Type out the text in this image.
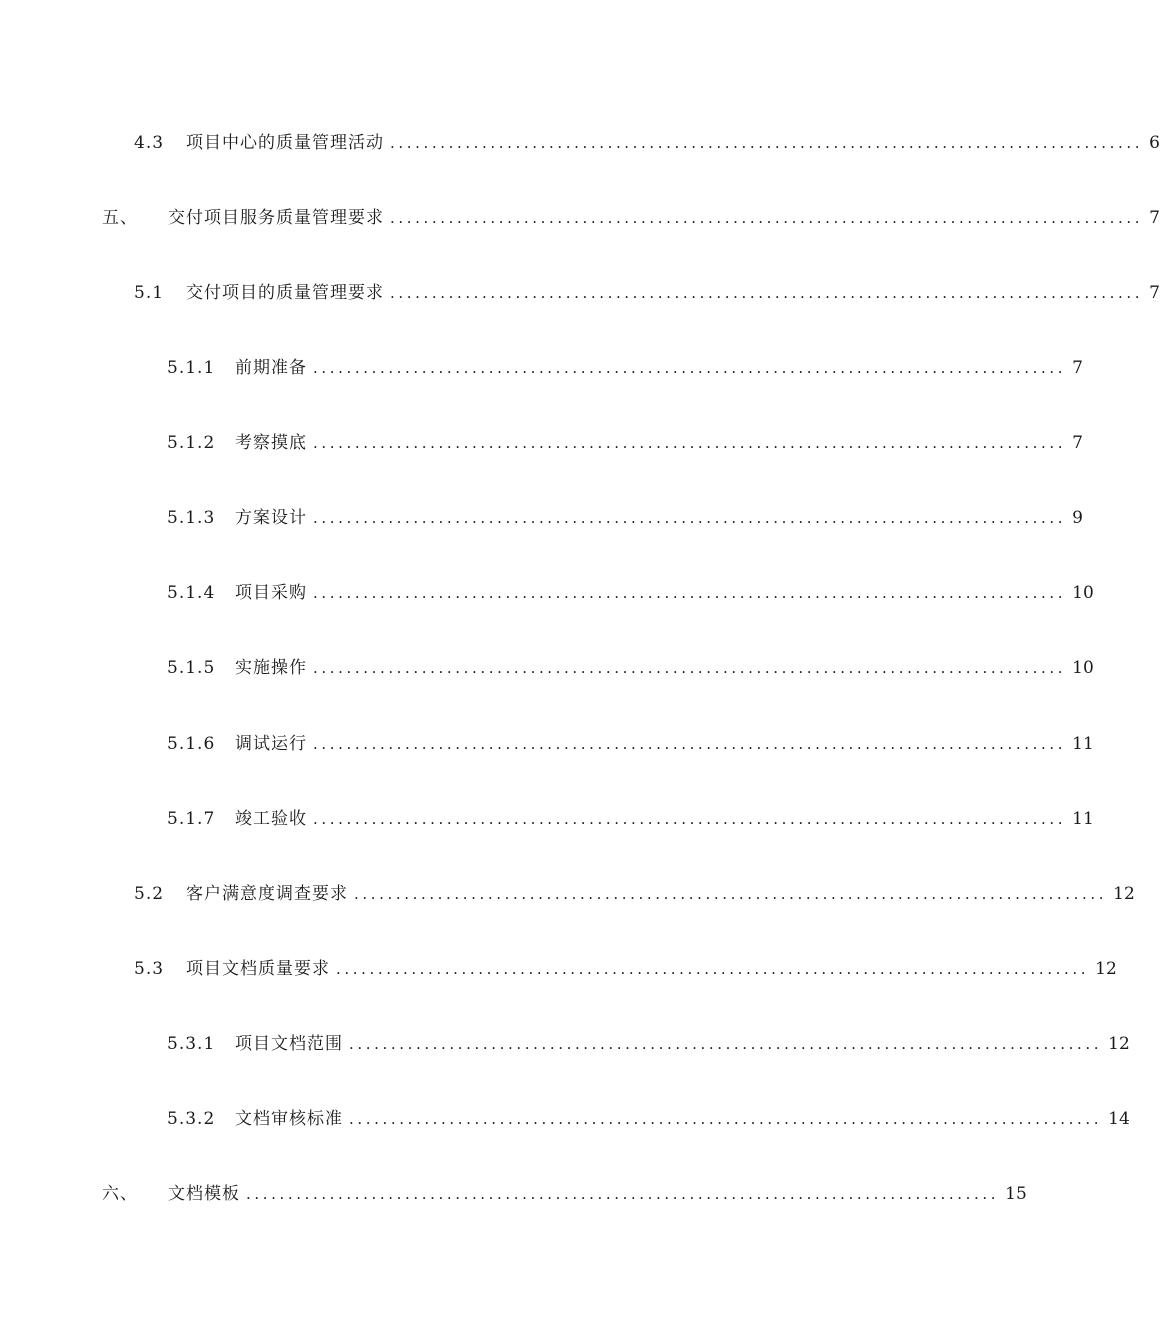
4.3	项目中心的质量管理活动 .......................................................................................... 6
五、	交付项目服务质量管理要求 .......................................................................................... 7
5.1	交付项目的质量管理要求 .......................................................................................... 7
5.1.1	前期准备 .......................................................................................... 7
5.1.2	考察摸底 .......................................................................................... 7
5.1.3	方案设计 .......................................................................................... 9
5.1.4	项目采购 .......................................................................................... 10
5.1.5	实施操作 .......................................................................................... 10
5.1.6	调试运行 .......................................................................................... 11
5.1.7	竣工验收 .......................................................................................... 11
5.2	客户满意度调查要求 .......................................................................................... 12
5.3	项目文档质量要求 .......................................................................................... 12
5.3.1	项目文档范围 .......................................................................................... 12
5.3.2	文档审核标准 .......................................................................................... 14
六、	文档模板 .......................................................................................... 15
